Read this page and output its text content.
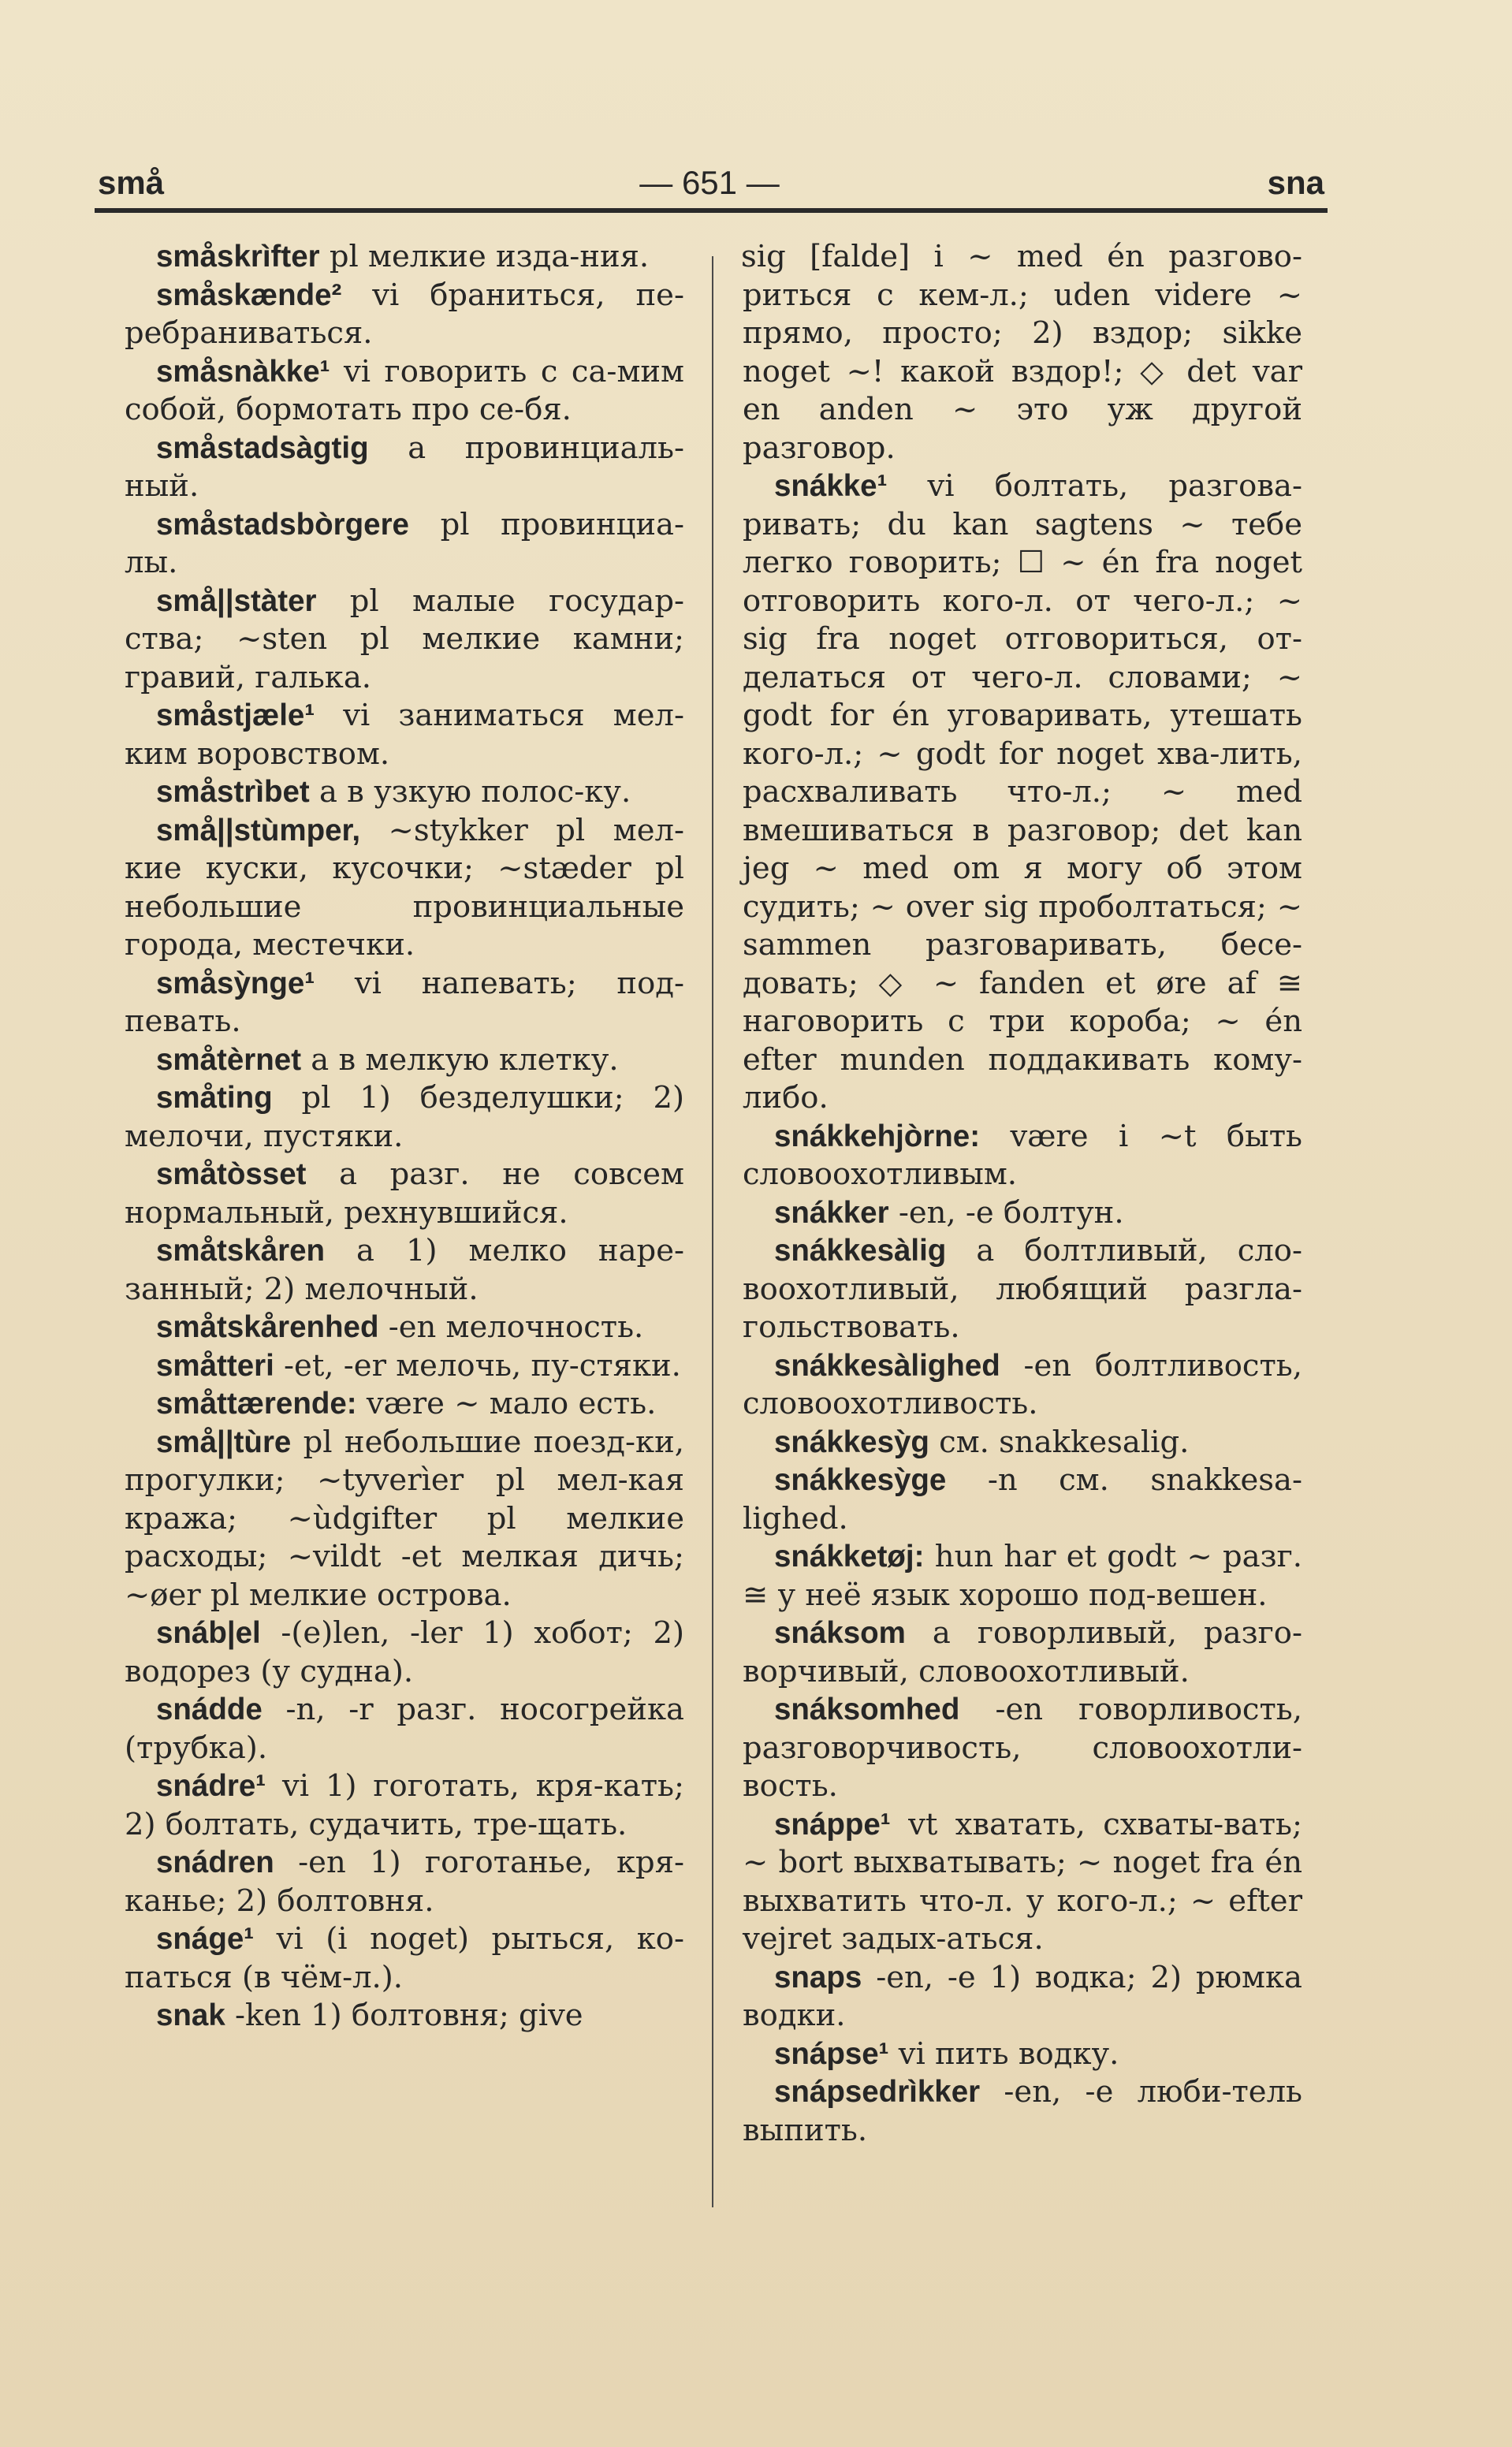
små	— 651 —	sna

småskrìfter pl мелкие изда-ния.

småskænde² vi браниться, пе-ребраниваться.

småsnàkke¹ vi говорить с са-мим собой, бормотать про се-бя.

småstadsàgtig a провинциаль-ный.

småstadsbòrgere pl провинциа-лы.

små||stàter pl малые государ-ства; ~sten pl мелкие камни; гравий, галька.

småstjæle¹ vi заниматься мел-ким воровством.

småstrìbet a в узкую полос-ку.

små||stùmper, ~stykker pl мел-кие куски, кусочки; ~stæder pl небольшие провинциальные города, местечки.

småsỳnge¹ vi напевать; под-певать.

småtèrnet a в мелкую клетку.

småting pl 1) безделушки; 2) мелочи, пустяки.

småtòsset a разг. не совсем нормальный, рехнувшийся.

småtskåren a 1) мелко наре-занный; 2) мелочный.

småtskårenhed -en мелочность.

småtteri -et, -er мелочь, пу-стяки.

småttærende: være ~ мало есть.

små||tùre pl небольшие поезд-ки, прогулки; ~tyverìer pl мел-кая кража; ~ùdgifter pl мелкие расходы; ~vildt -et мелкая дичь; ~øer pl мелкие острова.

snáb|el -(e)len, -ler 1) хобот; 2) водорез (у судна).

snádde -n, -r разг. носогрейка (трубка).

snádre¹ vi 1) гоготать, кря-кать; 2) болтать, судачить, тре-щать.

snádren -en 1) гоготанье, кря-канье; 2) болтовня.

snáge¹ vi (i noget) рыться, ко-паться (в чём-л.).

snak -ken 1) болтовня; give

sig [falde] i ~ med én разгово-риться с кем-л.; uden videre ~ прямо, просто; 2) вздор; sikke noget ~! какой вздор!; ◇ det var en anden ~ это уж другой разговор.

snákke¹ vi болтать, разгова-ривать; du kan sagtens ~ тебе легко говорить; ☐ ~ én fra noget отговорить кого-л. от чего-л.; ~ sig fra noget отговориться, от-делаться от чего-л. словами; ~ godt for én уговаривать, утешать кого-л.; ~ godt for noget хва-лить, расхваливать что-л.; ~ med вмешиваться в разговор; det kan jeg ~ med om я могу об этом судить; ~ over sig проболтаться; ~ sammen разговаривать, бесе-довать; ◇ ~ fanden et øre af ≅ наговорить с три короба; ~ én efter munden поддакивать кому-либо.

snákkehjòrne: være i ~t быть словоохотливым.

snákker -en, -e болтун.

snákkesàlig a болтливый, сло-воохотливый, любящий разгла-гольствовать.

snákkesàlighed -en болтливость, словоохотливость.

snákkesỳg см. snakkesalig.

snákkesỳge -n см. snakkesa-lighed.

snákketøj: hun har et godt ~ разг. ≅ у неё язык хорошо под-вешен.

snáksom a говорливый, разго-ворчивый, словоохотливый.

snáksomhed -en говорливость, разговорчивость, словоохотли-вость.

snáppe¹ vt хватать, схваты-вать; ~ bort выхватывать; ~ noget fra én выхватить что-л. у кого-л.; ~ efter vejret задых-аться.

snaps -en, -e 1) водка; 2) рюмка водки.

snápse¹ vi пить водку.

snápsedrìkker -en, -e люби-тель выпить.
